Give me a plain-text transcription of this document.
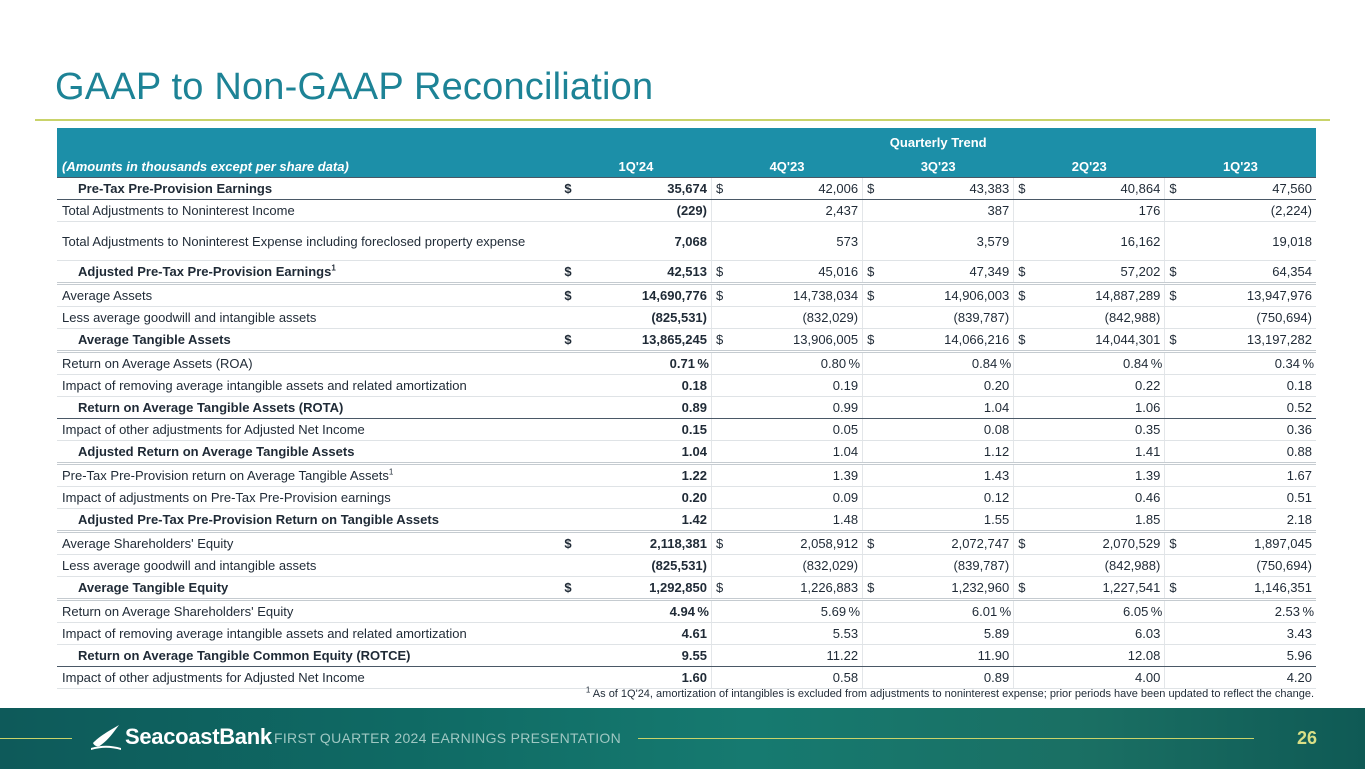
GAAP to Non-GAAP Reconciliation
	Quarterly Trend				
(Amounts in thousands except per share data)	1Q'24	4Q'23	3Q'23	2Q'23	1Q'23
Pre-Tax Pre-Provision Earnings	$ 35,674	$ 42,006	$ 43,383	$ 40,864	$ 47,560
Total Adjustments to Noninterest Income	(229)	2,437	387	176	(2,224)
Total Adjustments to Noninterest Expense including foreclosed property expense	7,068	573	3,579	16,162	19,018
Adjusted Pre-Tax Pre-Provision Earnings$^1$	$ 42,513	$ 45,016	$ 47,349	$ 57,202	$ 64,354
Average Assets	$ 14,690,776	$ 14,738,034	$ 14,906,003	$ 14,887,289	$ 13,947,976
Less average goodwill and intangible assets	(825,531)	(832,029)	(839,787)	(842,988)	(750,694)
Average Tangible Assets	$ 13,865,245	$ 13,906,005	$ 14,066,216	$ 14,044,301	$ 13,197,282
Return on Average Assets (ROA)	0.71 %	0.80 %	0.84 %	0.84 %	0.34 %

Impact of removing average intangible assets and related amortization	0.18	0.19	0.20	0.22	0.18
Return on Average Tangible Assets (ROTA)	0.89	0.99	1.04	1.06	0.52
Impact of other adjustments for Adjusted Net Income	0.15	0.05	0.08	0.35	0.36
Adjusted Return on Average Tangible Assets	1.04	1.04	1.12	1.41	0.88
Pre-Tax Pre-Provision return on Average Tangible Assets$^1$	1.22	1.39	1.43	1.39	1.67
Impact of adjustments on Pre-Tax Pre-Provision earnings	0.20	0.09	0.12	0.46	0.51
Adjusted Pre-Tax Pre-Provision Return on Tangible Assets	1.42	1.48	1.55	1.85	2.18
Average Shareholders' Equity	$ 2,118,381	$ 2,058,912	$ 2,072,747	$ 2,070,529	$ 1,897,045
Less average goodwill and intangible assets	(825,531)	(832,029)	(839,787)	(842,988)	(750,694)
Average Tangible Equity	$ 1,292,850	$ 1,226,883	$ 1,232,960	$ 1,227,541	$ 1,146,351
Return on Average Shareholders' Equity	4.94 %	5.69 %	6.01 %	6.05 %	2.53 %

Impact of removing average intangible assets and related amortization	4.61	5.53	5.89	6.03	3.43
Return on Average Tangible Common Equity (ROTCE)	9.55	11.22	11.90	12.08	5.96
Impact of other adjustments for Adjusted Net Income	1.60	0.58	0.89	4.00	4.20
$^1$ As of 1Q'24, amortization of intangibles is excluded from adjustments to noninterest expense; prior periods have been updated to reflect the change.
SeacoastBank FIRST QUARTER 2024 EARNINGS PRESENTATION	26
